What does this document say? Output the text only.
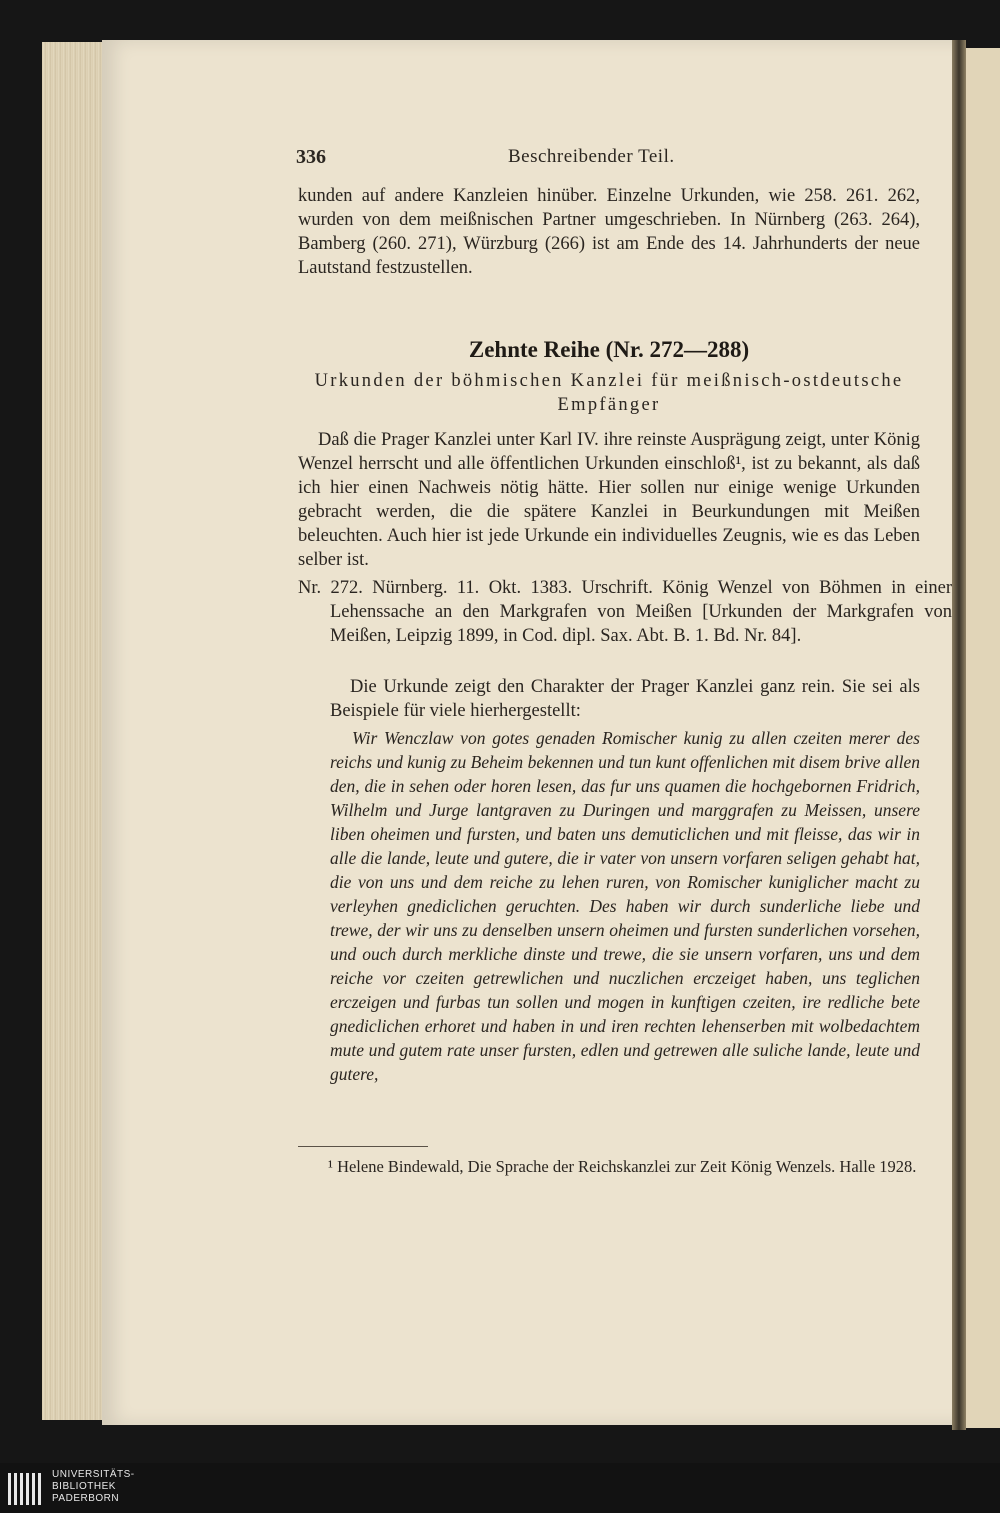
336	Beschreibender Teil.
kunden auf andere Kanzleien hinüber. Einzelne Urkunden, wie 258. 261. 262, wurden von dem meißnischen Partner umgeschrieben. In Nürnberg (263. 264), Bamberg (260. 271), Würzburg (266) ist am Ende des 14. Jahrhunderts der neue Lautstand festzustellen.
Zehnte Reihe (Nr. 272—288)
Urkunden der böhmischen Kanzlei für meißnisch-ostdeutsche Empfänger
Daß die Prager Kanzlei unter Karl IV. ihre reinste Ausprägung zeigt, unter König Wenzel herrscht und alle öffentlichen Urkunden einschloß¹, ist zu bekannt, als daß ich hier einen Nachweis nötig hätte. Hier sollen nur einige wenige Urkunden gebracht werden, die die spätere Kanzlei in Beurkundungen mit Meißen beleuchten. Auch hier ist jede Urkunde ein individuelles Zeugnis, wie es das Leben selber ist.
Nr. 272. Nürnberg. 11. Okt. 1383. Urschrift. König Wenzel von Böhmen in einer Lehenssache an den Markgrafen von Meißen [Urkunden der Markgrafen von Meißen, Leipzig 1899, in Cod. dipl. Sax. Abt. B. 1. Bd. Nr. 84].
Die Urkunde zeigt den Charakter der Prager Kanzlei ganz rein. Sie sei als Beispiele für viele hierhergestellt:
Wir Wenczlaw von gotes genaden Romischer kunig zu allen czeiten merer des reichs und kunig zu Beheim bekennen und tun kunt offenlichen mit disem brive allen den, die in sehen oder horen lesen, das fur uns quamen die hochgebornen Fridrich, Wilhelm und Jurge lantgraven zu Duringen und marggrafen zu Meissen, unsere liben oheimen und fursten, und baten uns demuticlichen und mit fleisse, das wir in alle die lande, leute und gutere, die ir vater von unsern vorfaren seligen gehabt hat, die von uns und dem reiche zu lehen ruren, von Romischer kuniglicher macht zu verleyhen gnediclichen geruchten. Des haben wir durch sunderliche liebe und trewe, der wir uns zu denselben unsern oheimen und fursten sunderlichen vorsehen, und ouch durch merkliche dinste und trewe, die sie unsern vorfaren, uns und dem reiche vor czeiten getrewlichen und nuczlichen erczeiget haben, uns teglichen erczeigen und furbas tun sollen und mogen in kunftigen czeiten, ire redliche bete gnediclichen erhoret und haben in und iren rechten lehenserben mit wolbedachtem mute und gutem rate unser fursten, edlen und getrewen alle suliche lande, leute und gutere,
¹ Helene Bindewald, Die Sprache der Reichskanzlei zur Zeit König Wenzels. Halle 1928.
UNIVERSITÄTS-
BIBLIOTHEK
PADERBORN
